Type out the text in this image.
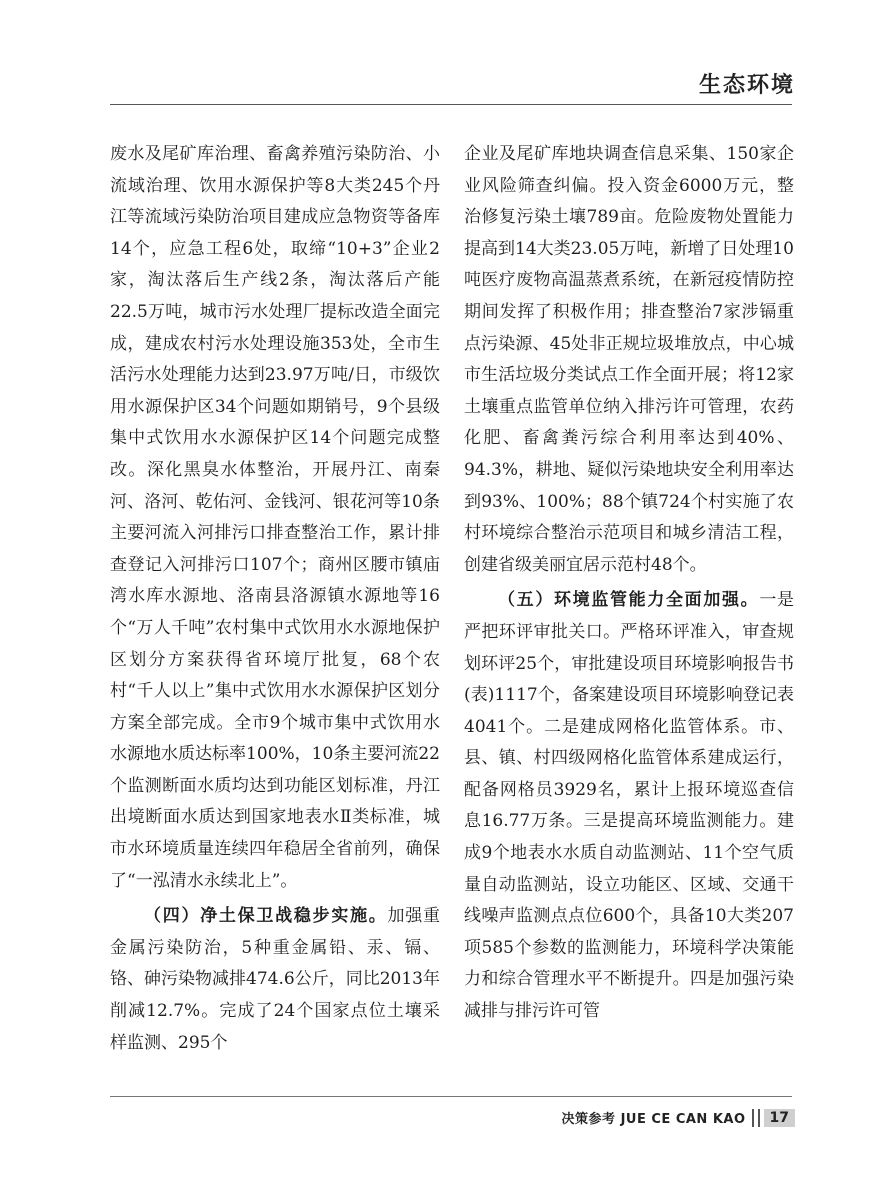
生态环境

废水及尾矿库治理、畜禽养殖污染防治、小流域治理、饮用水源保护等8大类245个丹江等流域污染防治项目建成应急物资等备库14个，应急工程6处，取缔“10+3”企业2家，淘汰落后生产线2条，淘汰落后产能22.5万吨，城市污水处理厂提标改造全面完成，建成农村污水处理设施353处，全市生活污水处理能力达到23.97万吨/日，市级饮用水源保护区34个问题如期销号，9个县级集中式饮用水水源保护区14个问题完成整改。深化黑臭水体整治，开展丹江、南秦河、洛河、乾佑河、金钱河、银花河等10条主要河流入河排污口排查整治工作，累计排查登记入河排污口107个；商州区腰市镇庙湾水库水源地、洛南县洛源镇水源地等16个“万人千吨”农村集中式饮用水水源地保护区划分方案获得省环境厅批复，68个农村“千人以上”集中式饮用水水源保护区划分方案全部完成。全市9个城市集中式饮用水水源地水质达标率100%，10条主要河流22个监测断面水质均达到功能区划标准，丹江出境断面水质达到国家地表水Ⅱ类标准，城市水环境质量连续四年稳居全省前列，确保了“一泓清水永续北上”。

（四）净土保卫战稳步实施。加强重金属污染防治，5种重金属铅、汞、镉、铬、砷污染物减排474.6公斤，同比2013年削减12.7%。完成了24个国家点位土壤采样监测、295个

企业及尾矿库地块调查信息采集、150家企业风险筛查纠偏。投入资金6000万元，整治修复污染土壤789亩。危险废物处置能力提高到14大类23.05万吨，新增了日处理10吨医疗废物高温蒸煮系统，在新冠疫情防控期间发挥了积极作用；排查整治7家涉镉重点污染源、45处非正规垃圾堆放点，中心城市生活垃圾分类试点工作全面开展；将12家土壤重点监管单位纳入排污许可管理，农药化肥、畜禽粪污综合利用率达到40%、94.3%，耕地、疑似污染地块安全利用率达到93%、100%；88个镇724个村实施了农村环境综合整治示范项目和城乡清洁工程，创建省级美丽宜居示范村48个。

（五）环境监管能力全面加强。一是严把环评审批关口。严格环评准入，审查规划环评25个，审批建设项目环境影响报告书(表)1117个，备案建设项目环境影响登记表4041个。二是建成网格化监管体系。市、县、镇、村四级网格化监管体系建成运行，配备网格员3929名，累计上报环境巡查信息16.77万条。三是提高环境监测能力。建成9个地表水水质自动监测站、11个空气质量自动监测站，设立功能区、区域、交通干线噪声监测点点位600个，具备10大类207项585个参数的监测能力，环境科学决策能力和综合管理水平不断提升。四是加强污染减排与排污许可管

决策参考 JUE CE CAN KAO	17
